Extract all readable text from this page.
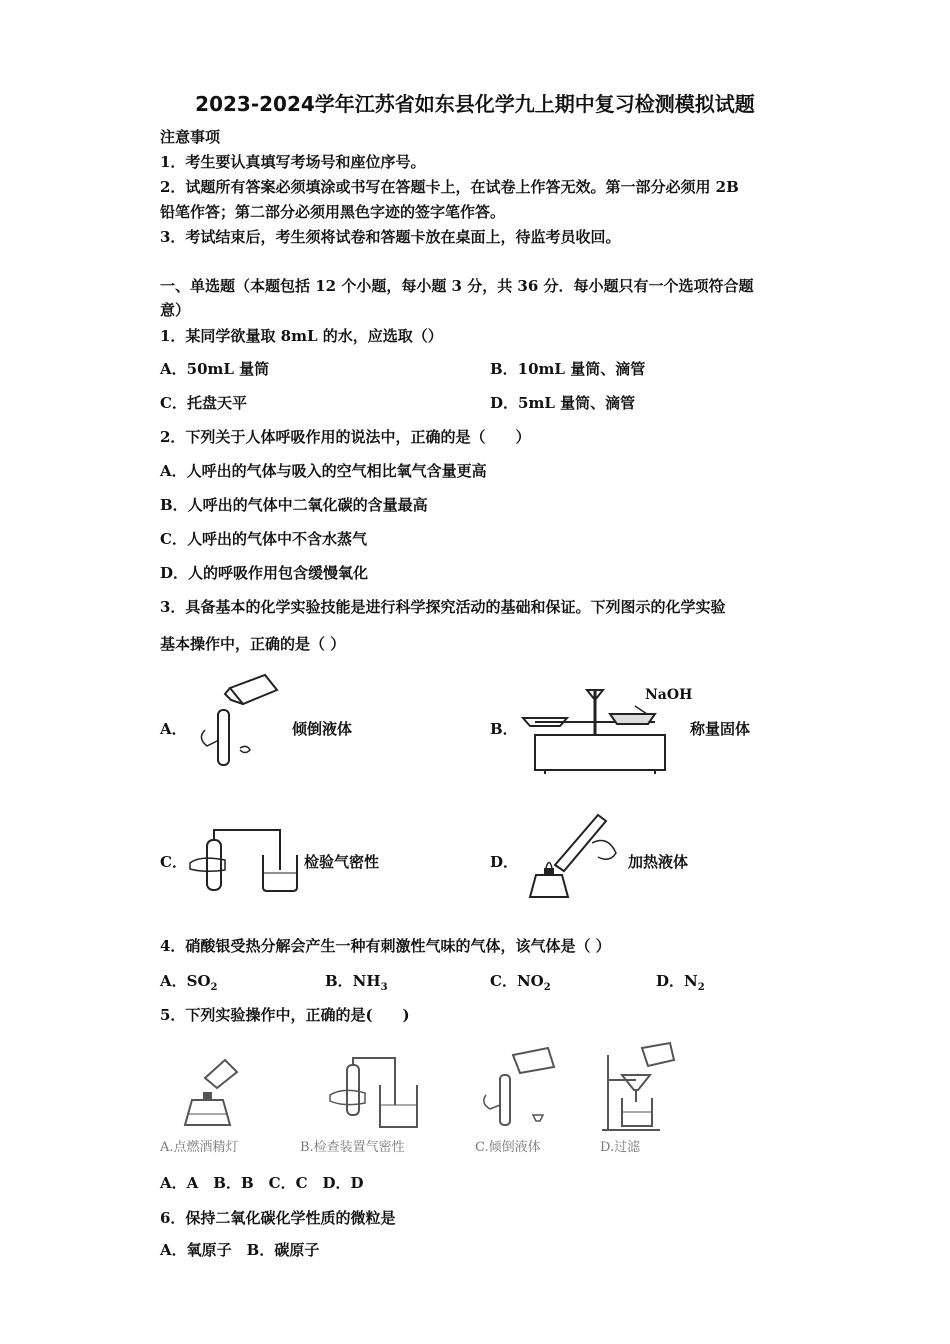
2023-2024学年江苏省如东县化学九上期中复习检测模拟试题
注意事项
1．考生要认真填写考场号和座位序号。
2．试题所有答案必须填涂或书写在答题卡上，在试卷上作答无效。第一部分必须用 2B
铅笔作答；第二部分必须用黑色字迹的签字笔作答。
3．考试结束后，考生须将试卷和答题卡放在桌面上，待监考员收回。
一、单选题（本题包括 12 个小题，每小题 3 分，共 36 分．每小题只有一个选项符合题
意）
1．某同学欲量取 8mL 的水，应选取（）
A．50mL 量筒	B．10mL 量筒、滴管
C．托盘天平	D．5mL 量筒、滴管
2．下列关于人体呼吸作用的说法中，正确的是（　　）
A．人呼出的气体与吸入的空气相比氧气含量更高
B．人呼出的气体中二氧化碳的含量最高
C．人呼出的气体中不含水蒸气
D．人的呼吸作用包含缓慢氧化
3．具备基本的化学实验技能是进行科学探究活动的基础和保证。下列图示的化学实验
基本操作中，正确的是（ ）
A．	倾倒液体	B．
NaOH
称量固体
C．	检验气密性	D．	加热液体
4．硝酸银受热分解会产生一种有刺激性气味的气体，该气体是（ ）
A．$SO_2$	B．$NH_3$	C．$NO_2$	D．$N_2$
5．下列实验操作中，正确的是(　　)
A.点燃酒精灯	B.检查装置气密性	C.倾倒液体	D.过滤
A．A　B．B　C．C　D．D
6．保持二氧化碳化学性质的微粒是
A．氧原子　B．碳原子
